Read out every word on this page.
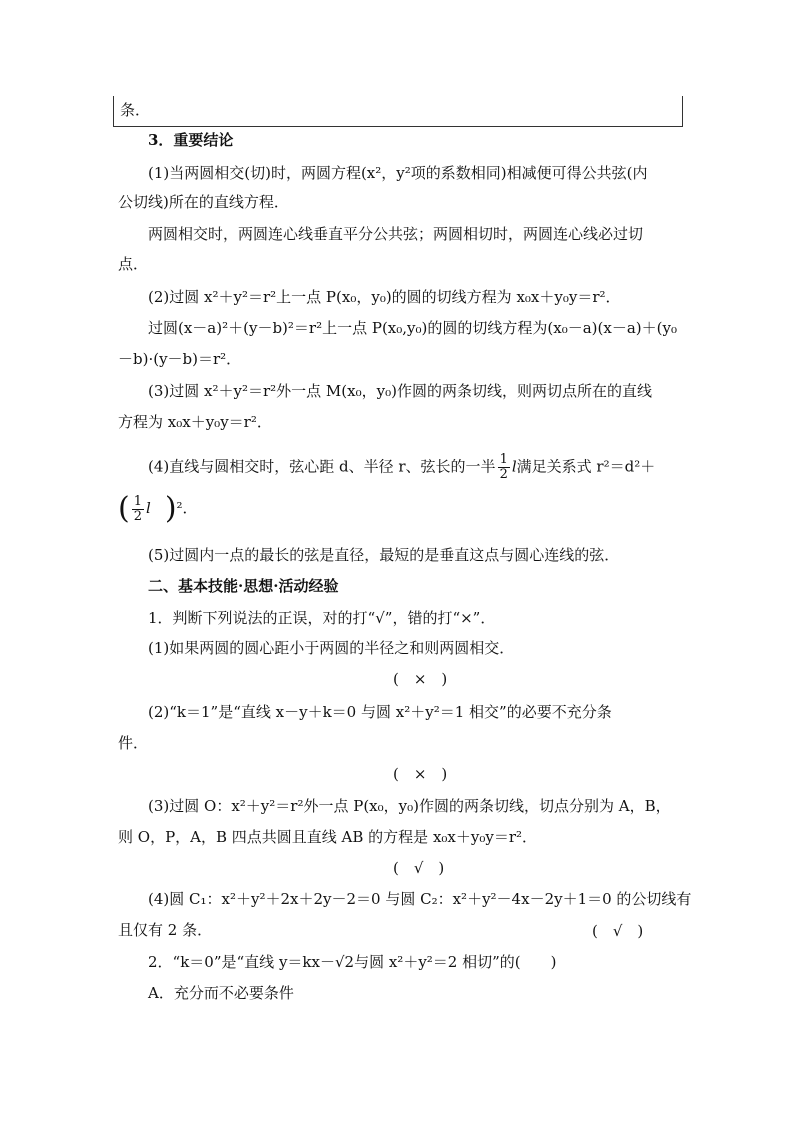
条．
3．重要结论
(1)当两圆相交(切)时，两圆方程(x²，y²项的系数相同)相减便可得公共弦(内
公切线)所在的直线方程．
两圆相交时，两圆连心线垂直平分公共弦；两圆相切时，两圆连心线必过切
点．
(2)过圆 x²＋y²＝r²上一点 P(x₀，y₀)的圆的切线方程为 x₀x＋y₀y＝r²．
过圆(x－a)²＋(y－b)²＝r²上一点 P(x₀,y₀)的圆的切线方程为(x₀－a)(x－a)＋(y₀
－b)·(y－b)＝r²．
(3)过圆 x²＋y²＝r²外一点 M(x₀，y₀)作圆的两条切线，则两切点所在的直线
方程为 x₀x＋y₀y＝r²．
(4)直线与圆相交时，弦心距 d、半径 r、弦长的一半 $\frac{1}{2}$ l满足关系式 r²＝d²＋
( $\frac{1}{2}$ l )²．
(5)过圆内一点的最长的弦是直径，最短的是垂直这点与圆心连线的弦．
二、基本技能·思想·活动经验
1．判断下列说法的正误，对的打“√”，错的打“×”．
(1)如果两圆的圆心距小于两圆的半径之和则两圆相交．
(　×　)
(2)“k＝1”是“直线 x－y＋k＝0 与圆 x²＋y²＝1 相交”的必要不充分条
件．
(　×　)
(3)过圆 O：x²＋y²＝r²外一点 P(x₀，y₀)作圆的两条切线，切点分别为 A，B，
则 O，P，A，B 四点共圆且直线 AB 的方程是 x₀x＋y₀y＝r²．
(　√　)
(4)圆 C₁：x²＋y²＋2x＋2y－2＝0 与圆 C₂：x²＋y²－4x－2y＋1＝0 的公切线有
且仅有 2 条．	(　√　)
2．“k＝0”是“直线 y＝kx－√2与圆 x²＋y²＝2 相切”的(　　)
A．充分而不必要条件
